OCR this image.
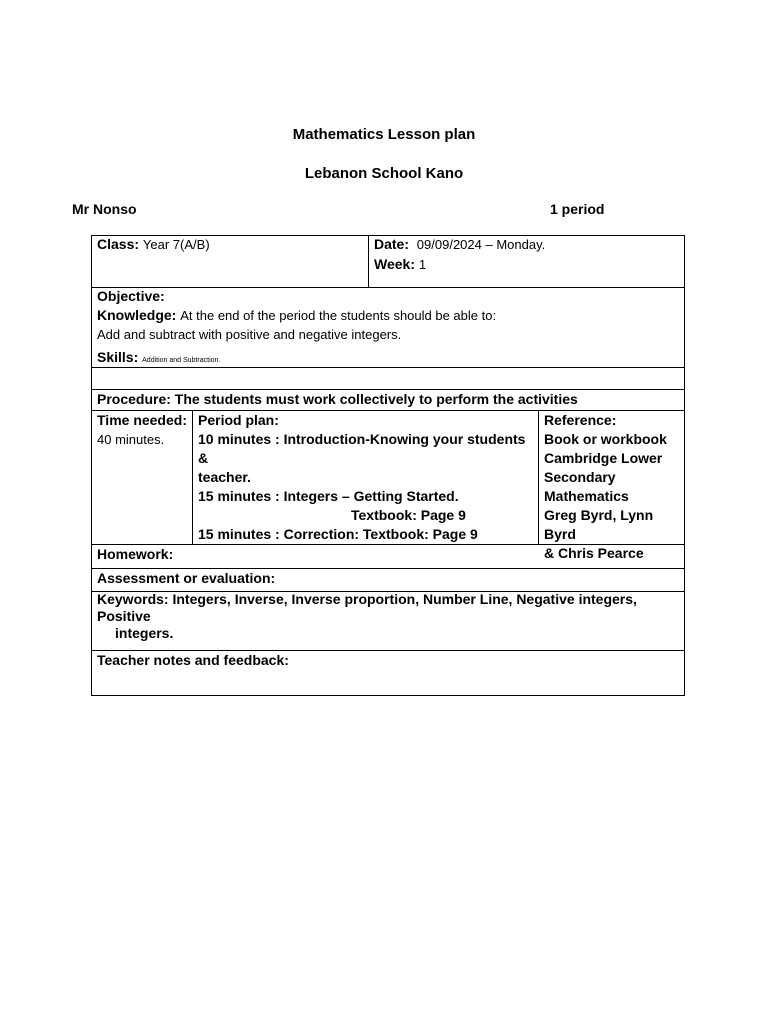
Mathematics Lesson plan
Lebanon School Kano
Mr Nonso	1 period
Class: Year 7(A/B)	Date: 09/09/2024 – Monday.
Week: 1
Objective:
Knowledge: At the end of the period the students should be able to:
Add and subtract with positive and negative integers.
Skills: Addition and Subtraction.
Procedure: The students must work collectively to perform the activities
Time needed:
40 minutes.
Period plan:
10 minutes : Introduction-Knowing your students &
teacher.
15 minutes : Integers – Getting Started.
Textbook: Page 9
15 minutes : Correction: Textbook: Page 9
Reference:
Book or workbook
Cambridge Lower
Secondary
Mathematics
Greg Byrd, Lynn Byrd
& Chris Pearce
Homework:
Assessment or evaluation:
Keywords: Integers, Inverse, Inverse proportion, Number Line, Negative integers, Positive
integers.
Teacher notes and feedback:
